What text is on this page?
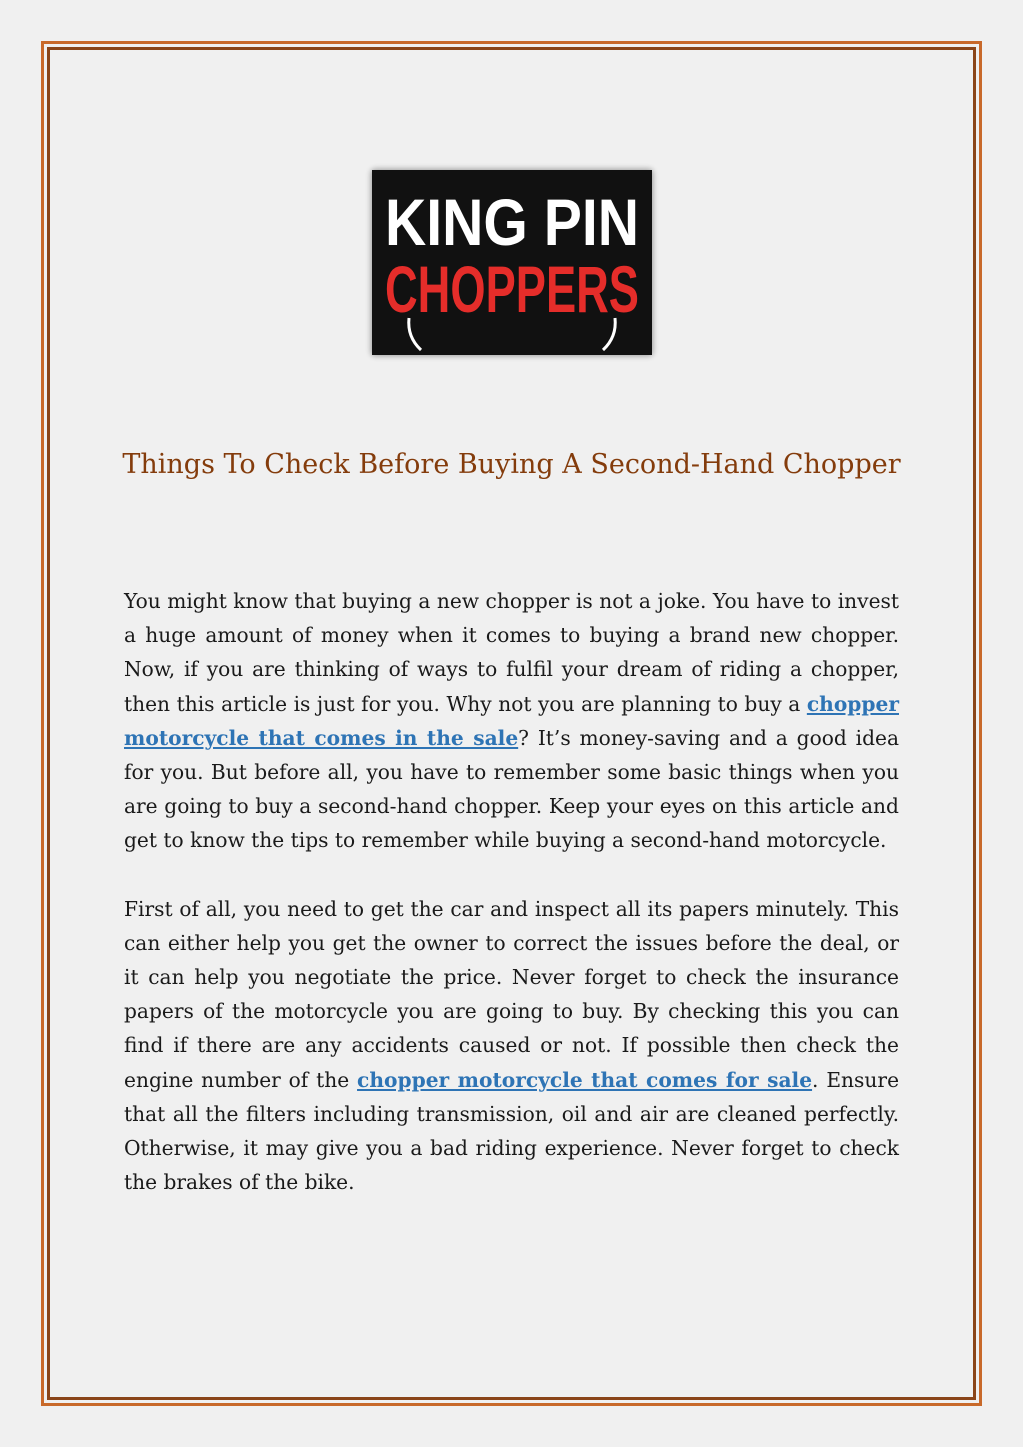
KING PIN
CHOPPERS
Things To Check Before Buying A Second-Hand Chopper

You might know that buying a new chopper is not a joke. You have to invest a huge amount of money when it comes to buying a brand new chopper. Now, if you are thinking of ways to fulfil your dream of riding a chopper, then this article is just for you. Why not you are planning to buy a chopper motorcycle that comes in the sale? It’s money-saving and a good idea for you. But before all, you have to remember some basic things when you are going to buy a second-hand chopper. Keep your eyes on this article and get to know the tips to remember while buying a second-hand motorcycle.

First of all, you need to get the car and inspect all its papers minutely. This can either help you get the owner to correct the issues before the deal, or it can help you negotiate the price. Never forget to check the insurance papers of the motorcycle you are going to buy. By checking this you can find if there are any accidents caused or not. If possible then check the engine number of the chopper motorcycle that comes for sale. Ensure that all the filters including transmission, oil and air are cleaned perfectly. Otherwise, it may give you a bad riding experience. Never forget to check the brakes of the bike.
